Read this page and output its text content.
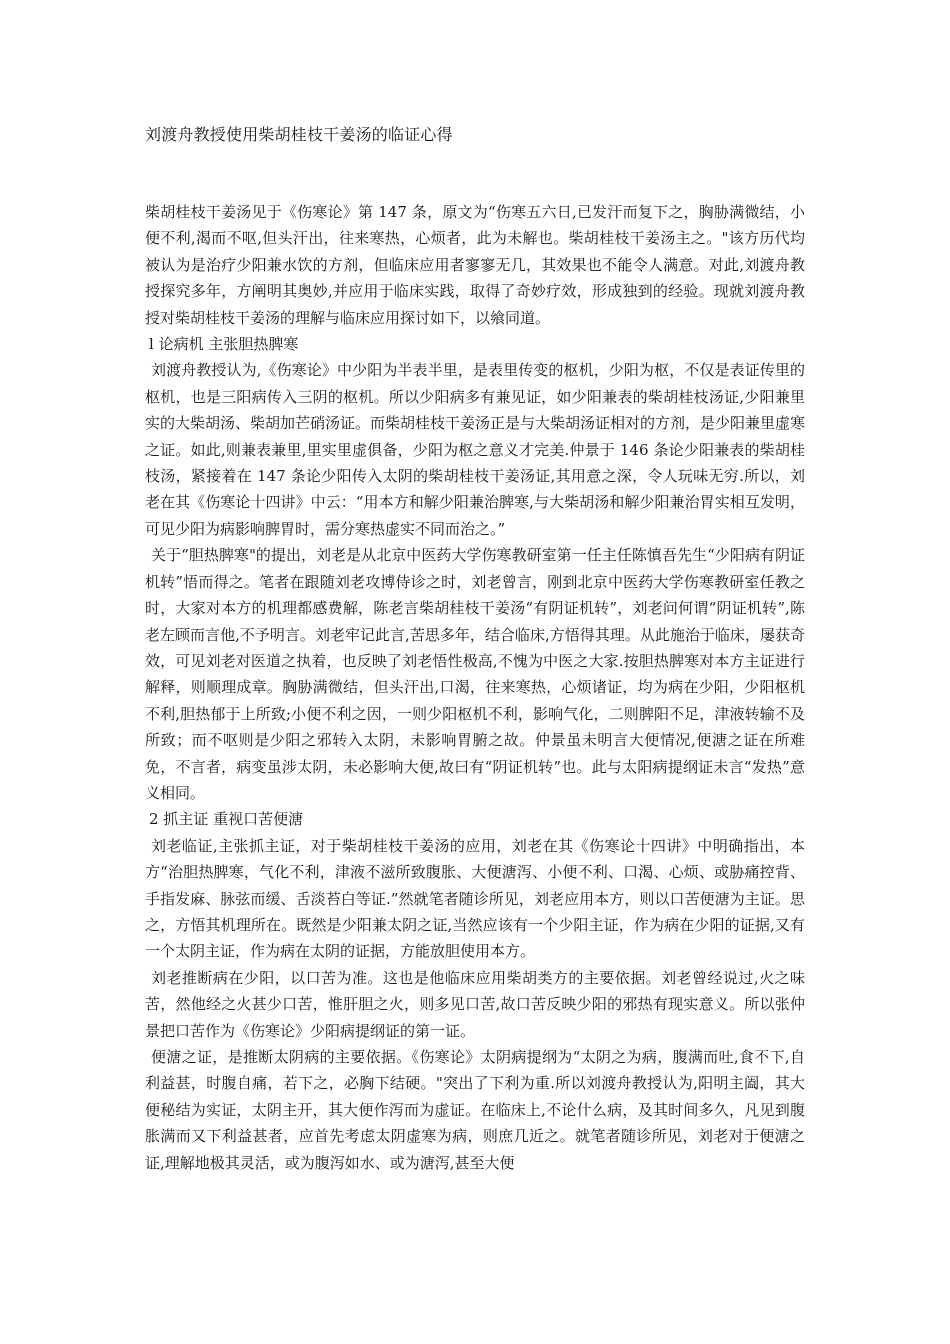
刘渡舟教授使用柴胡桂枝干姜汤的临证心得

柴胡桂枝干姜汤见于《伤寒论》第 147 条，原文为“伤寒五六日,已发汗而复下之，胸胁满微结，小便不利,渴而不呕,但头汗出，往来寒热，心烦者，此为未解也。柴胡桂枝干姜汤主之。"该方历代均被认为是治疗少阳兼水饮的方剂，但临床应用者寥寥无几，其效果也不能令人满意。对此,刘渡舟教授探究多年，方阐明其奥妙,并应用于临床实践，取得了奇妙疗效，形成独到的经验。现就刘渡舟教授对柴胡桂枝干姜汤的理解与临床应用探讨如下，以飨同道。

l 论病机 主张胆热脾寒

刘渡舟教授认为,《伤寒论》中少阳为半表半里，是表里传变的枢机，少阳为枢，不仅是表证传里的枢机，也是三阳病传入三阴的枢机。所以少阳病多有兼见证，如少阳兼表的柴胡桂枝汤证,少阳兼里实的大柴胡汤、柴胡加芒硝汤证。而柴胡桂枝干姜汤正是与大柴胡汤证相对的方剂，是少阳兼里虚寒之证。如此,则兼表兼里,里实里虚俱备，少阳为枢之意义才完美.仲景于 146 条论少阳兼表的柴胡桂枝汤，紧接着在 147 条论少阳传入太阴的柴胡桂枝干姜汤证,其用意之深，令人玩味无穷.所以，刘老在其《伤寒论十四讲》中云：“用本方和解少阳兼治脾寒,与大柴胡汤和解少阳兼治胃实相互发明，可见少阳为病影响脾胃时，需分寒热虚实不同而治之。”

关于“胆热脾寒"的提出，刘老是从北京中医药大学伤寒教研室第一任主任陈慎吾先生“少阳病有阴证机转”悟而得之。笔者在跟随刘老攻博侍诊之时，刘老曾言，刚到北京中医药大学伤寒教研室任教之时，大家对本方的机理都感费解，陈老言柴胡桂枝干姜汤“有阴证机转”，刘老问何谓“阴证机转”,陈老左顾而言他,不予明言。刘老牢记此言,苦思多年，结合临床,方悟得其理。从此施治于临床，屡获奇效，可见刘老对医道之执着，也反映了刘老悟性极高,不愧为中医之大家.按胆热脾寒对本方主证进行解释，则顺理成章。胸胁满微结，但头汗出,口渴，往来寒热，心烦诸证，均为病在少阳，少阳枢机不利,胆热郁于上所致;小便不利之因，一则少阳枢机不利，影响气化，二则脾阳不足，津液转输不及所致；而不呕则是少阳之邪转入太阴，未影响胃腑之故。仲景虽未明言大便情况,便溏之证在所难免，不言者，病变虽涉太阴，未必影响大便,故曰有“阴证机转”也。此与太阳病提纲证未言“发热”意义相同。

2 抓主证 重视口苦便溏

刘老临证,主张抓主证，对于柴胡桂枝干姜汤的应用，刘老在其《伤寒论十四讲》中明确指出，本方“治胆热脾寒，气化不利，津液不滋所致腹胀、大便溏泻、小便不利、口渴、心烦、或胁痛控背、手指发麻、脉弦而缓、舌淡苔白等证.”然就笔者随诊所见，刘老应用本方，则以口苦便溏为主证。思之，方悟其机理所在。既然是少阳兼太阴之证,当然应该有一个少阳主证，作为病在少阳的证据,又有一个太阴主证，作为病在太阴的证据，方能放胆使用本方。

刘老推断病在少阳，以口苦为准。这也是他临床应用柴胡类方的主要依据。刘老曾经说过,火之味苦，然他经之火甚少口苦，惟肝胆之火，则多见口苦,故口苦反映少阳的邪热有现实意义。所以张仲景把口苦作为《伤寒论》少阳病提纲证的第一证。

便溏之证，是推断太阴病的主要依据。《伤寒论》太阴病提纲为“太阴之为病，腹满而吐,食不下,自利益甚，时腹自痛，若下之，必胸下结硬。"突出了下利为重.所以刘渡舟教授认为,阳明主阖，其大便秘结为实证，太阴主开，其大便作泻而为虚证。在临床上,不论什么病，及其时间多久，凡见到腹胀满而又下利益甚者，应首先考虑太阴虚寒为病，则庶几近之。就笔者随诊所见，刘老对于便溏之证,理解地极其灵活，或为腹泻如水、或为溏泻,甚至大便
